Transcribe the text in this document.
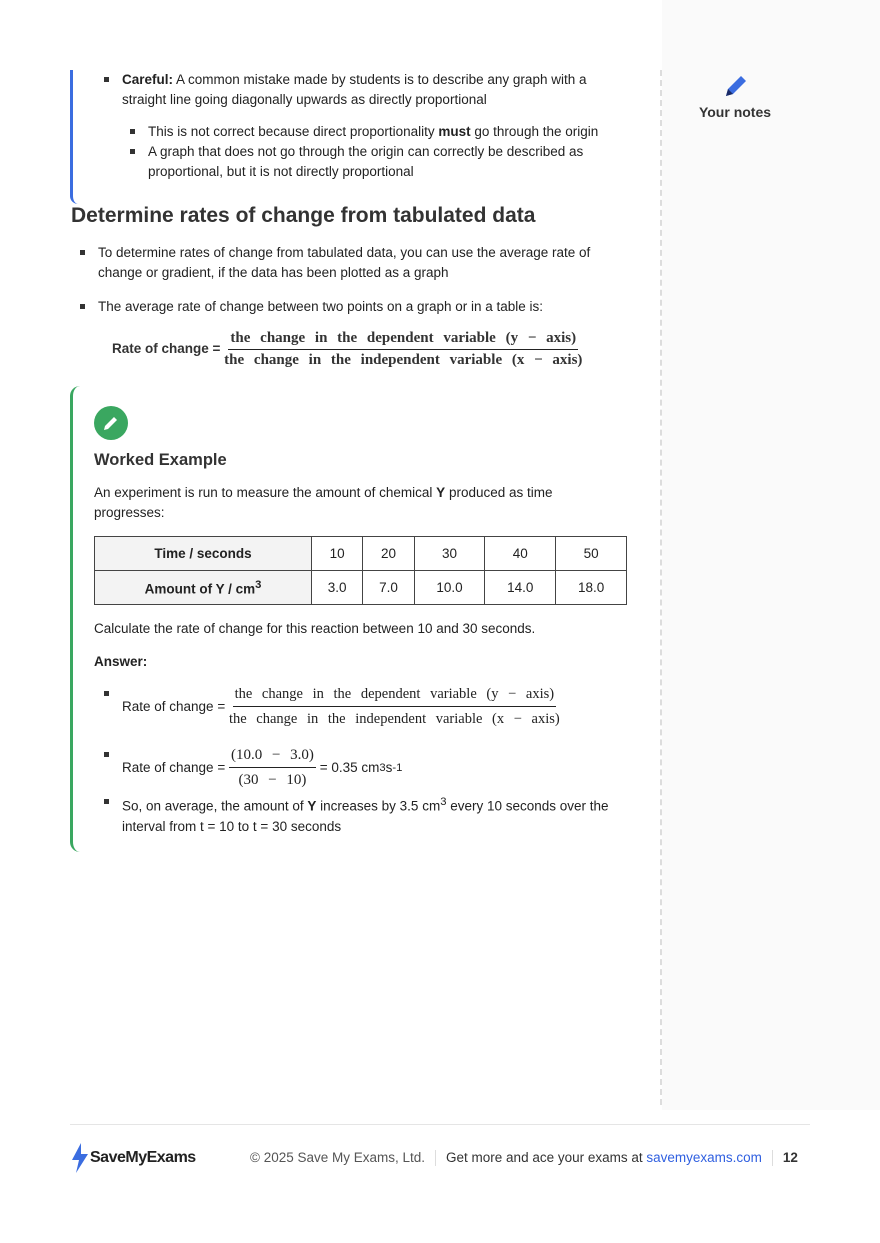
Your notes
Careful: A common mistake made by students is to describe any graph with a straight line going diagonally upwards as directly proportional
This is not correct because direct proportionality must go through the origin
A graph that does not go through the origin can correctly be described as proportional, but it is not directly proportional
Determine rates of change from tabulated data
To determine rates of change from tabulated data, you can use the average rate of change or gradient, if the data has been plotted as a graph
The average rate of change between two points on a graph or in a table is:
Rate of change = $\frac{\text{the change in the dependent variable (y − axis)}}{\text{the change in the independent variable (x − axis)}}$
Worked Example
An experiment is run to measure the amount of chemical Y produced as time progresses:
Time / seconds	10	20	30	40	50
Amount of Y / $cm^3$	3.0	7.0	10.0	14.0	18.0
Calculate the rate of change for this reaction between 10 and 30 seconds.
Answer:
Rate of change =
$\frac{\text{the change in the dependent variable (y − axis)}}{\text{the change in the independent variable (x − axis)}}$
Rate of change =
$\frac{(10.0 - 3.0)}{(30 - 10)}$
= 0.35 cm 3 s -1
So, on average, the amount of Y increases by 3.5 $cm^3$ every 10 seconds over the interval from t = 10 to t = 30 seconds
SaveMyExams	© 2025 Save My Exams, Ltd. Get more and ace your exams at savemyexams.com 12
